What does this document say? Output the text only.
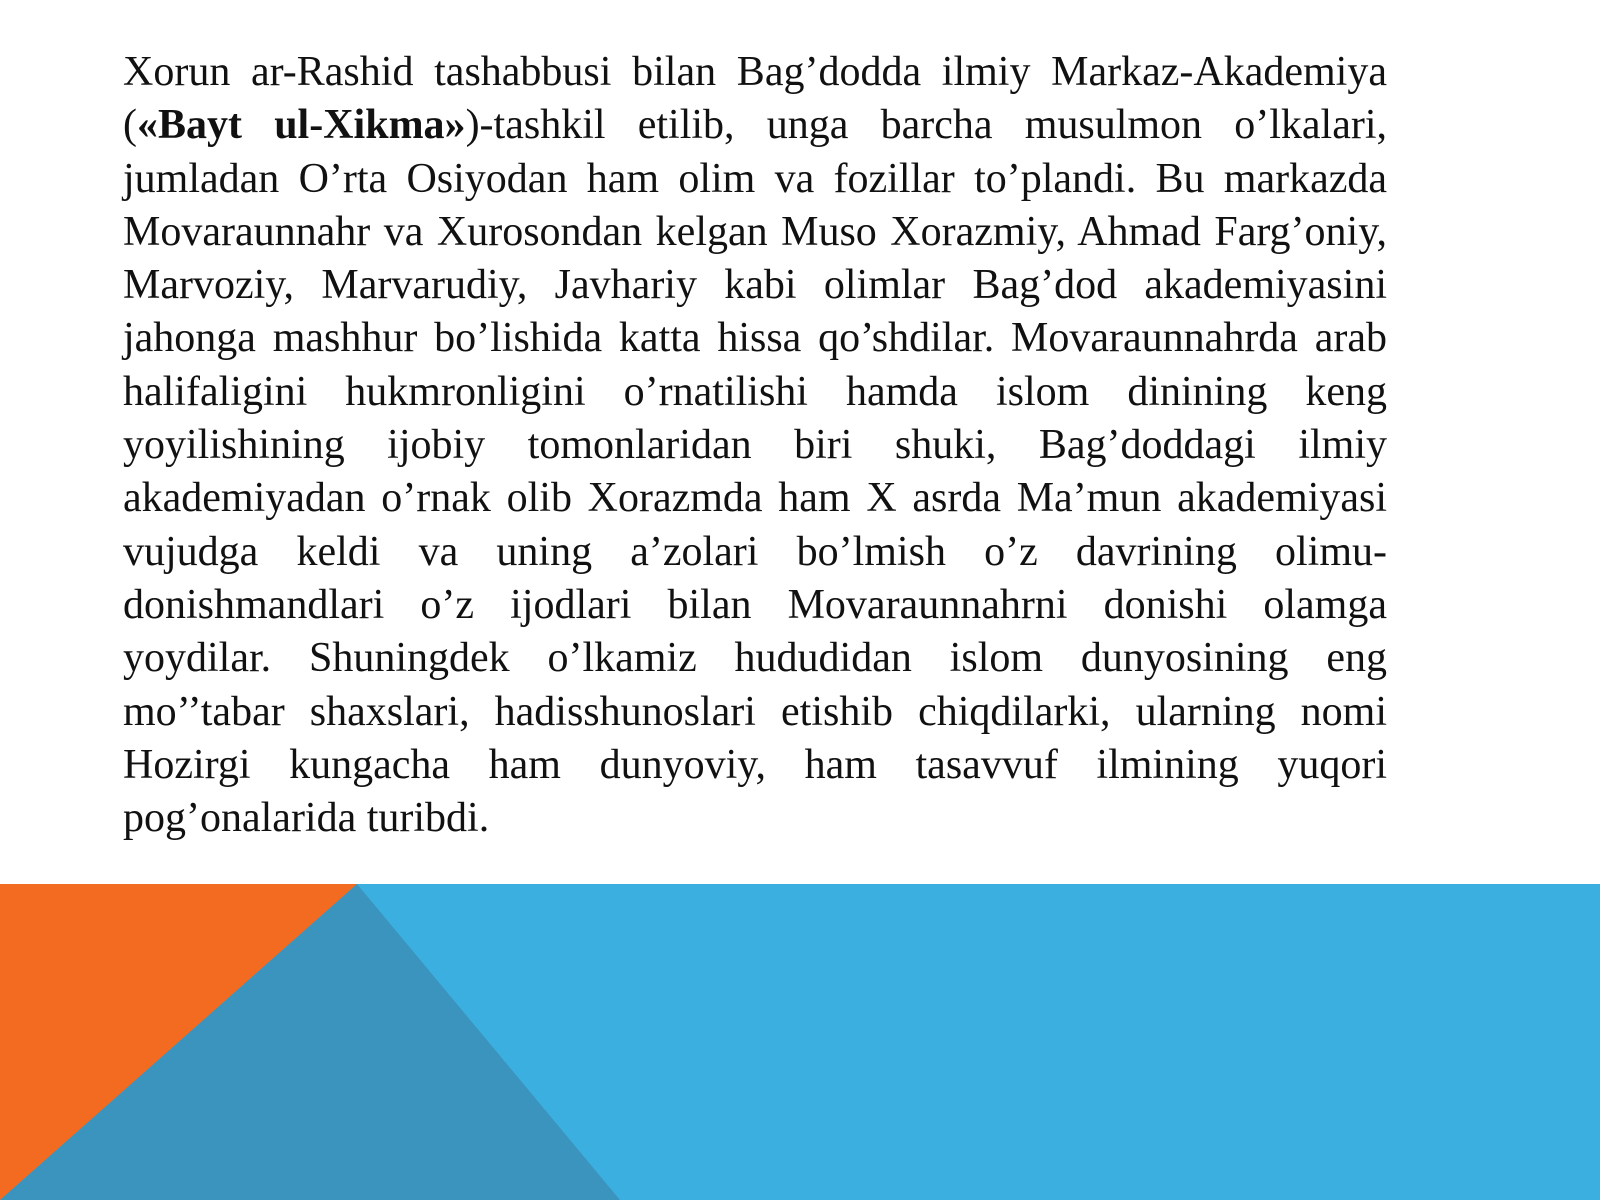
Xorun ar-Rashid tashabbusi bilan Bag’dodda ilmiy Markaz-Akademiya («Bayt ul-Xikma»)-tashkil etilib, unga barcha musulmon o’lkalari, jumladan O’rta Osiyodan ham olim va fozillar to’plandi. Bu markazda Movaraunnahr va Xurosondan kelgan Muso Xorazmiy, Ahmad Farg’oniy, Marvoziy, Marvarudiy, Javhariy kabi olimlar Bag’dod akademiyasini jahonga mashhur bo’lishida katta hissa qo’shdilar. Movaraunnahrda arab halifaligini hukmronligini o’rnatilishi hamda islom dinining keng yoyilishining ijobiy tomonlaridan biri shuki, Bag’doddagi ilmiy akademiyadan o’rnak olib Xorazmda ham X asrda Ma’mun akademiyasi vujudga keldi va uning a’zolari bo’lmish o’z davrining olimu-donishmandlari o’z ijodlari bilan Movaraunnahrni donishi olamga yoydilar. Shuningdek o’lkamiz hududidan islom dunyosining eng mo’’tabar shaxslari, hadisshunoslari etishib chiqdilarki, ularning nomi Hozirgi kungacha ham dunyoviy, ham tasavvuf ilmining yuqori pog’onalarida turibdi.
